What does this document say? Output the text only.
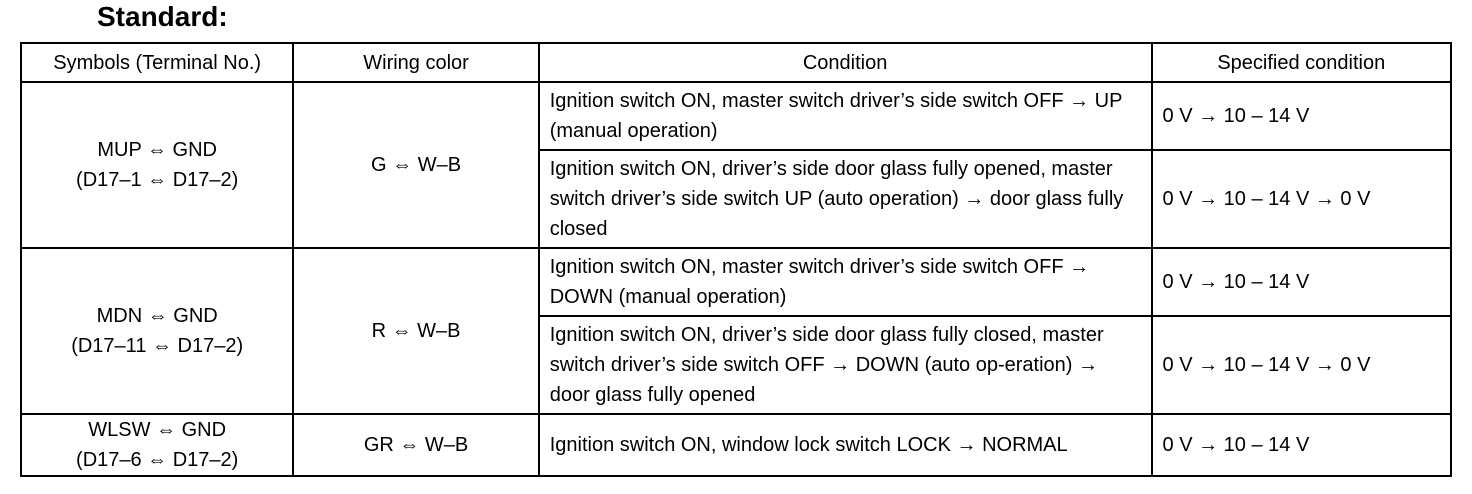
Standard:
Symbols (Terminal No.)	Wiring color	Condition	Specified condition

MUP ⇔ GND
(D17–1 ⇔ D17–2)	G ⇔ W–B	Ignition switch ON, master switch driver’s side switch OFF → UP (manual operation)	0 V → 10 – 14 V
		Ignition switch ON, driver’s side door glass fully opened, master switch driver’s side switch UP (auto operation) → door glass fully closed	0 V → 10 – 14 V → 0 V

MDN ⇔ GND
(D17–11 ⇔ D17–2)	R ⇔ W–B	Ignition switch ON, master switch driver’s side switch OFF → DOWN (manual operation)	0 V → 10 – 14 V
		Ignition switch ON, driver’s side door glass fully closed, master switch driver’s side switch OFF → DOWN (auto op-eration) → door glass fully opened	0 V → 10 – 14 V → 0 V

WLSW ⇔ GND
(D17–6 ⇔ D17–2)	GR ⇔ W–B	Ignition switch ON, window lock switch LOCK → NORMAL	0 V → 10 – 14 V
